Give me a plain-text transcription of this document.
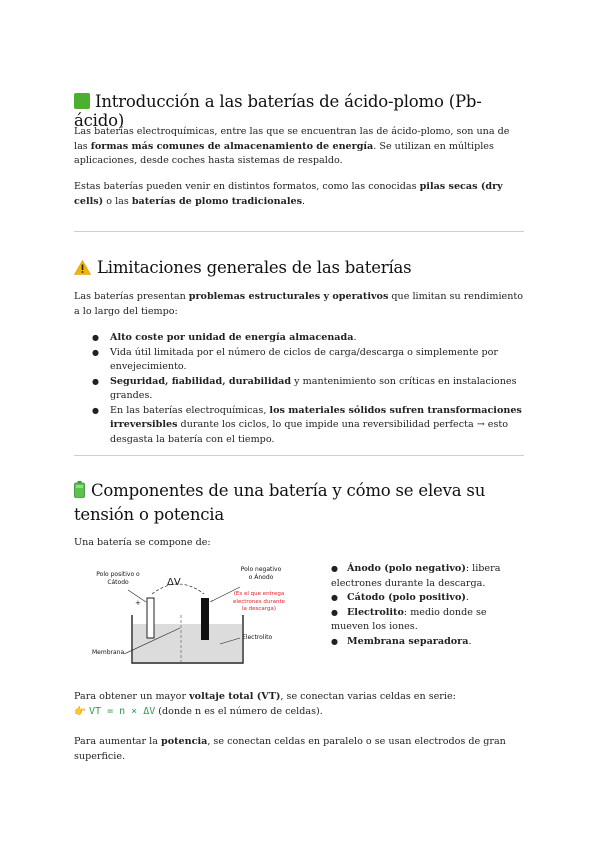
Introducción a las baterías de ácido-plomo (Pb-ácido)

Las baterías electroquímicas, entre las que se encuentran las de ácido-plomo, son una de las formas más comunes de almacenamiento de energía. Se utilizan en múltiples aplicaciones, desde coches hasta sistemas de respaldo.

Estas baterías pueden venir en distintos formatos, como las conocidas pilas secas (dry cells) o las baterías de plomo tradicionales.

Limitaciones generales de las baterías

Las baterías presentan problemas estructurales y operativos que limitan su rendimiento a lo largo del tiempo:

● Alto coste por unidad de energía almacenada.
● Vida útil limitada por el número de ciclos de carga/descarga o simplemente por envejecimiento.
● Seguridad, fiabilidad, durabilidad y mantenimiento son críticas en instalaciones grandes.
● En las baterías electroquímicas, los materiales sólidos sufren transformaciones irreversibles durante los ciclos, lo que impide una reversibilidad perfecta → esto desgasta la batería con el tiempo.
Componentes de una batería y cómo se eleva su tensión o potencia

Una batería se compone de:

Polo positivo o Cátodo	ΔV
+	-
Polo negativo o Ánodo
(Es el que entrega electrones durante la descarga)
Electrolito
Membrana

● Ánodo (polo negativo): libera electrones durante la descarga.

● Cátodo (polo positivo).

● Electrolito: medio donde se mueven los iones.

● Membrana separadora.

Para obtener un mayor voltaje total (VT), se conectan varias celdas en serie:

👉 VT = n × ΔV (donde n es el número de celdas).

Para aumentar la potencia, se conectan celdas en paralelo o se usan electrodos de gran superficie.
